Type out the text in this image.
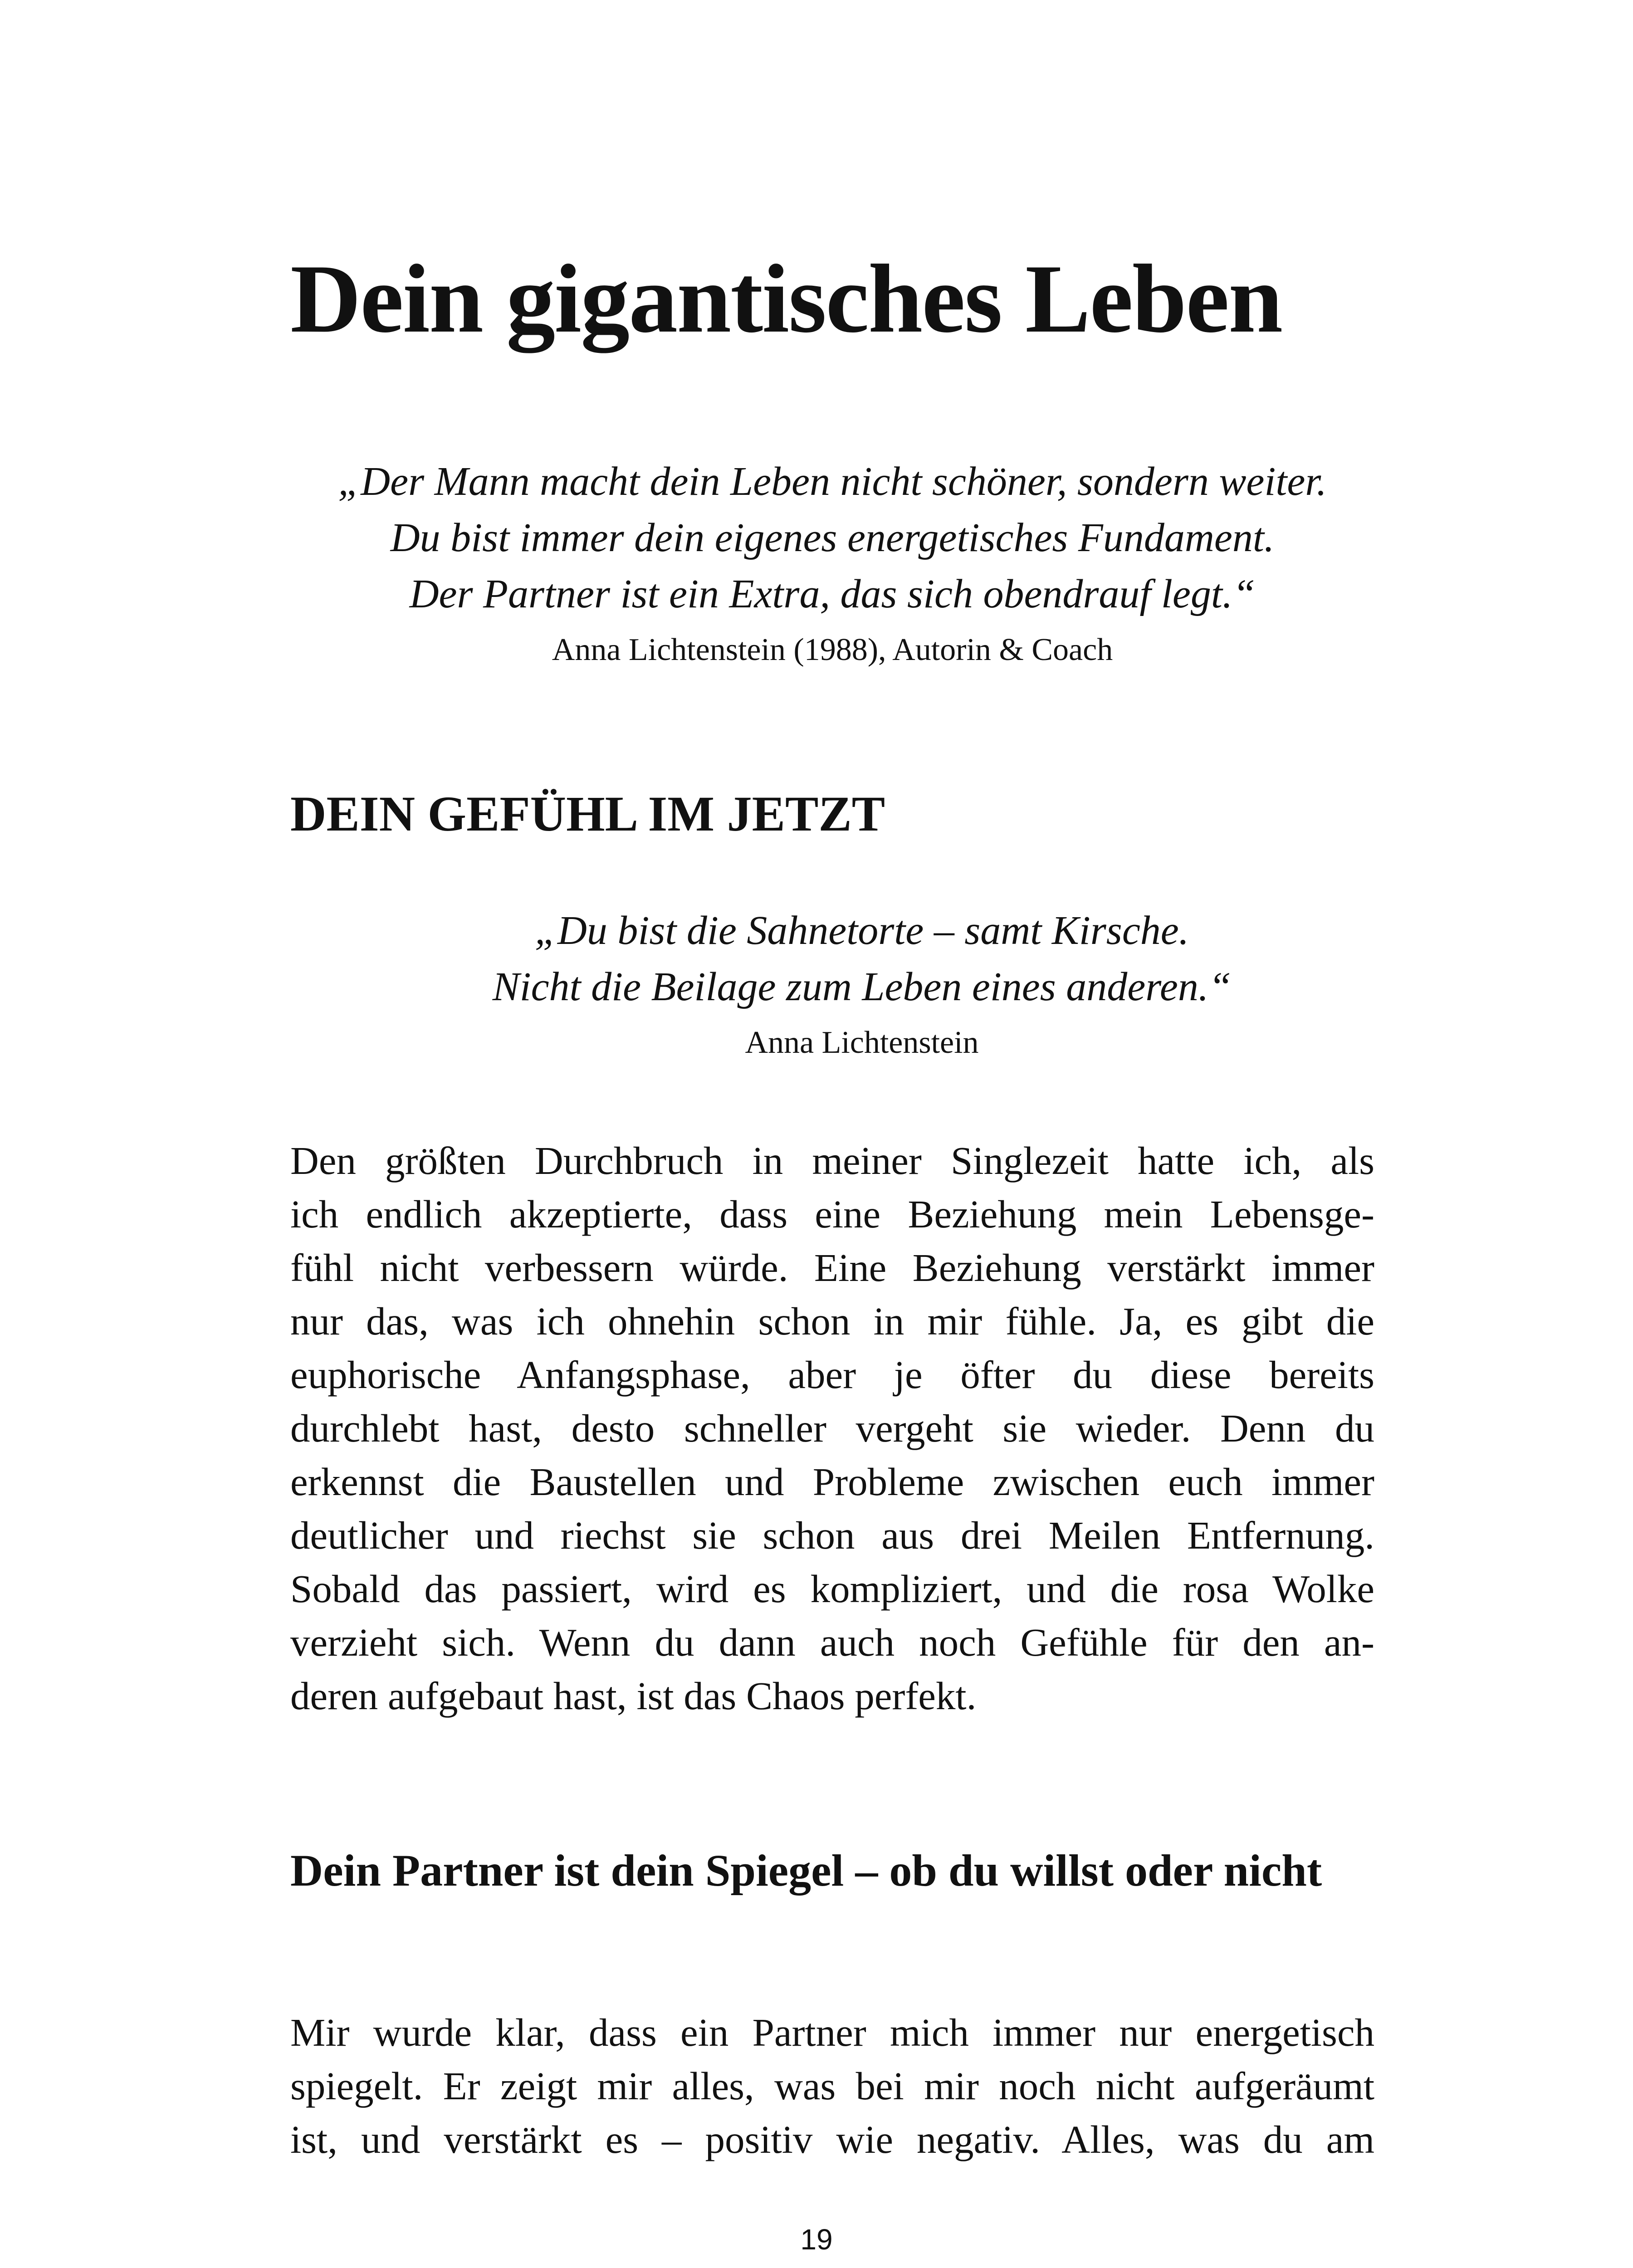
Dein gigantisches Leben
„Der Mann macht dein Leben nicht schöner, sondern weiter.
Du bist immer dein eigenes energetisches Fundament.
Der Partner ist ein Extra, das sich obendrauf legt.“
Anna Lichtenstein (1988), Autorin & Coach
DEIN GEFÜHL IM JETZT
„Du bist die Sahnetorte – samt Kirsche.
Nicht die Beilage zum Leben eines anderen.“
Anna Lichtenstein
Den größten Durchbruch in meiner Singlezeit hatte ich, als
ich endlich akzeptierte, dass eine Beziehung mein Lebensge-
fühl nicht verbessern würde. Eine Beziehung verstärkt immer
nur das, was ich ohnehin schon in mir fühle. Ja, es gibt die
euphorische Anfangsphase, aber je öfter du diese bereits
durchlebt hast, desto schneller vergeht sie wieder. Denn du
erkennst die Baustellen und Probleme zwischen euch immer
deutlicher und riechst sie schon aus drei Meilen Entfernung.
Sobald das passiert, wird es kompliziert, und die rosa Wolke
verzieht sich. Wenn du dann auch noch Gefühle für den an-
deren aufgebaut hast, ist das Chaos perfekt.
Dein Partner ist dein Spiegel – ob du willst oder nicht
Mir wurde klar, dass ein Partner mich immer nur energetisch
spiegelt. Er zeigt mir alles, was bei mir noch nicht aufgeräumt
ist, und verstärkt es – positiv wie negativ. Alles, was du am
19
